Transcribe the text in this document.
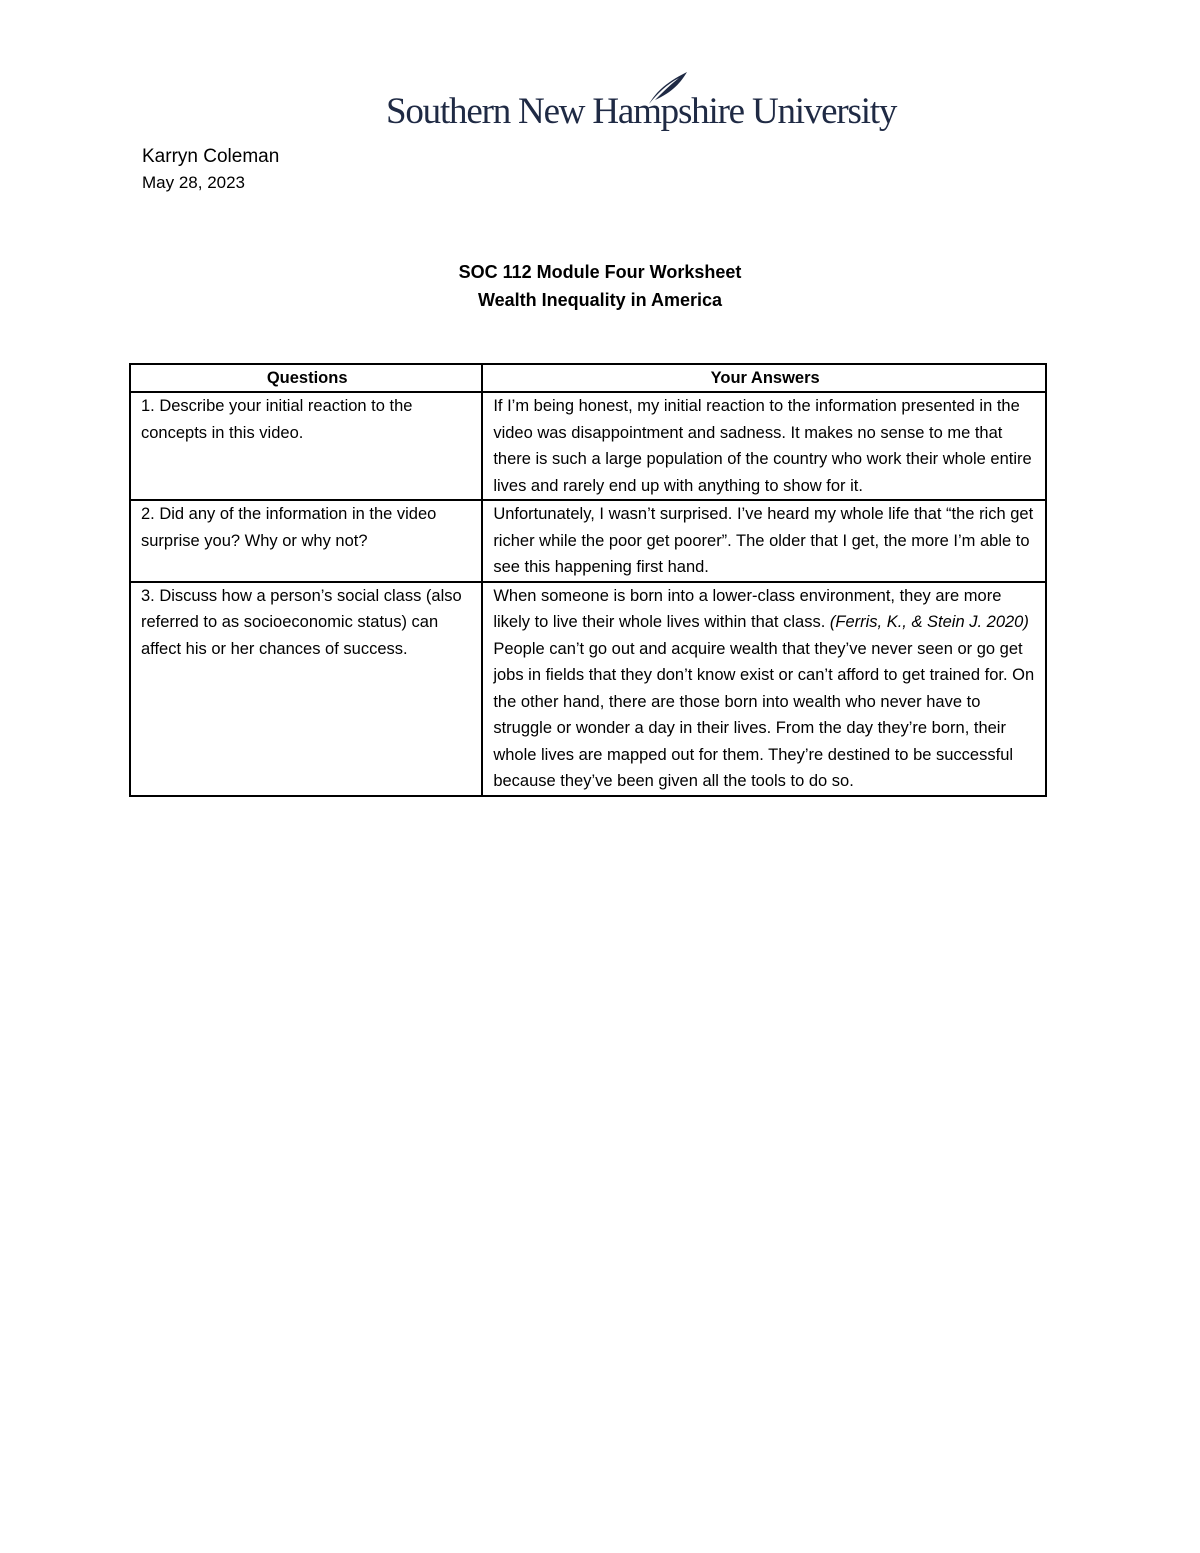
Southern New Hampshire University
Karryn Coleman
May 28, 2023
SOC 112 Module Four Worksheet
Wealth Inequality in America
Questions	Your Answers
1. Describe your initial reaction to the concepts in this video.	If I’m being honest, my initial reaction to the information presented in the video was disappointment and sadness. It makes no sense to me that there is such a large population of the country who work their whole entire lives and rarely end up with anything to show for it.
2. Did any of the information in the video surprise you? Why or why not?	Unfortunately, I wasn’t surprised. I’ve heard my whole life that “the rich get richer while the poor get poorer”. The older that I get, the more I’m able to see this happening first hand.
3. Discuss how a person’s social class (also referred to as socioeconomic status) can affect his or her chances of success.	When someone is born into a lower-class environment, they are more likely to live their whole lives within that class. (Ferris, K., & Stein J. 2020) People can’t go out and acquire wealth that they’ve never seen or go get jobs in fields that they don’t know exist or can’t afford to get trained for. On the other hand, there are those born into wealth who never have to struggle or wonder a day in their lives. From the day they’re born, their whole lives are mapped out for them. They’re destined to be successful because they’ve been given all the tools to do so.
